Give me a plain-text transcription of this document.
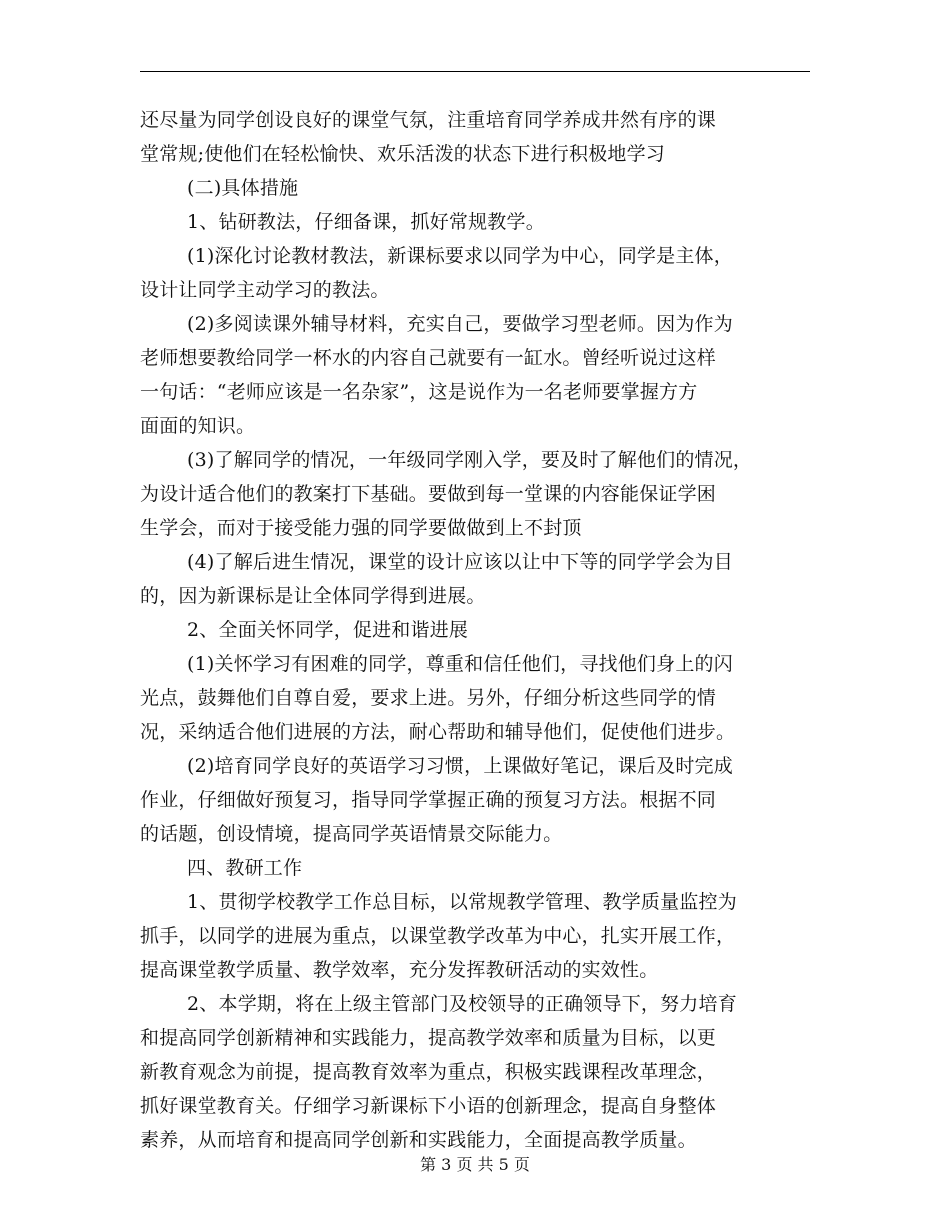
还尽量为同学创设良好的课堂气氛，注重培育同学养成井然有序的课
堂常规;使他们在轻松愉快、欢乐活泼的状态下进行积极地学习
(二)具体措施
1、钻研教法，仔细备课，抓好常规教学。
(1)深化讨论教材教法，新课标要求以同学为中心，同学是主体，
设计让同学主动学习的教法。
(2)多阅读课外辅导材料，充实自己，要做学习型老师。因为作为
老师想要教给同学一杯水的内容自己就要有一缸水。曾经听说过这样
一句话：“老师应该是一名杂家”，这是说作为一名老师要掌握方方
面面的知识。
(3)了解同学的情况，一年级同学刚入学，要及时了解他们的情况，
为设计适合他们的教案打下基础。要做到每一堂课的内容能保证学困
生学会，而对于接受能力强的同学要做做到上不封顶
(4)了解后进生情况，课堂的设计应该以让中下等的同学学会为目
的，因为新课标是让全体同学得到进展。
2、全面关怀同学，促进和谐进展
(1)关怀学习有困难的同学，尊重和信任他们，寻找他们身上的闪
光点，鼓舞他们自尊自爱，要求上进。另外，仔细分析这些同学的情
况，采纳适合他们进展的方法，耐心帮助和辅导他们，促使他们进步。
(2)培育同学良好的英语学习习惯，上课做好笔记，课后及时完成
作业，仔细做好预复习，指导同学掌握正确的预复习方法。根据不同
的话题，创设情境，提高同学英语情景交际能力。
四、教研工作
1、贯彻学校教学工作总目标，以常规教学管理、教学质量监控为
抓手，以同学的进展为重点，以课堂教学改革为中心，扎实开展工作，
提高课堂教学质量、教学效率，充分发挥教研活动的实效性。
2、本学期，将在上级主管部门及校领导的正确领导下，努力培育
和提高同学创新精神和实践能力，提高教学效率和质量为目标，以更
新教育观念为前提，提高教育效率为重点，积极实践课程改革理念，
抓好课堂教育关。仔细学习新课标下小语的创新理念，提高自身整体
素养，从而培育和提高同学创新和实践能力，全面提高教学质量。
第 3 页 共 5 页
